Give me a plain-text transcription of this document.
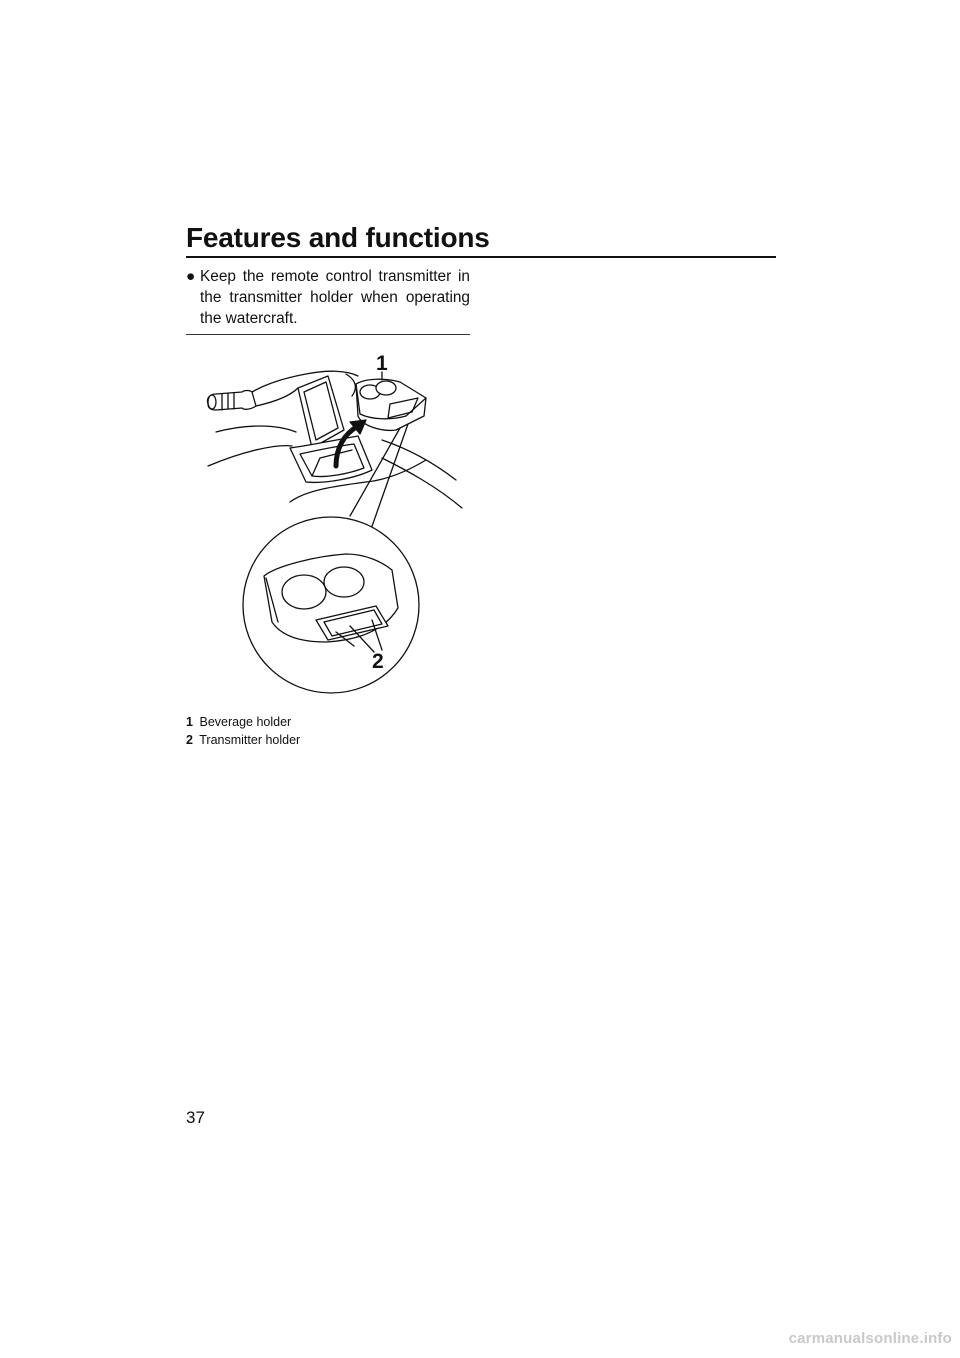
Features and functions
● Keep the remote control transmitter in the transmitter holder when operating the watercraft.
1
2
1 Beverage holder
2 Transmitter holder
37
carmanualsonline.info
